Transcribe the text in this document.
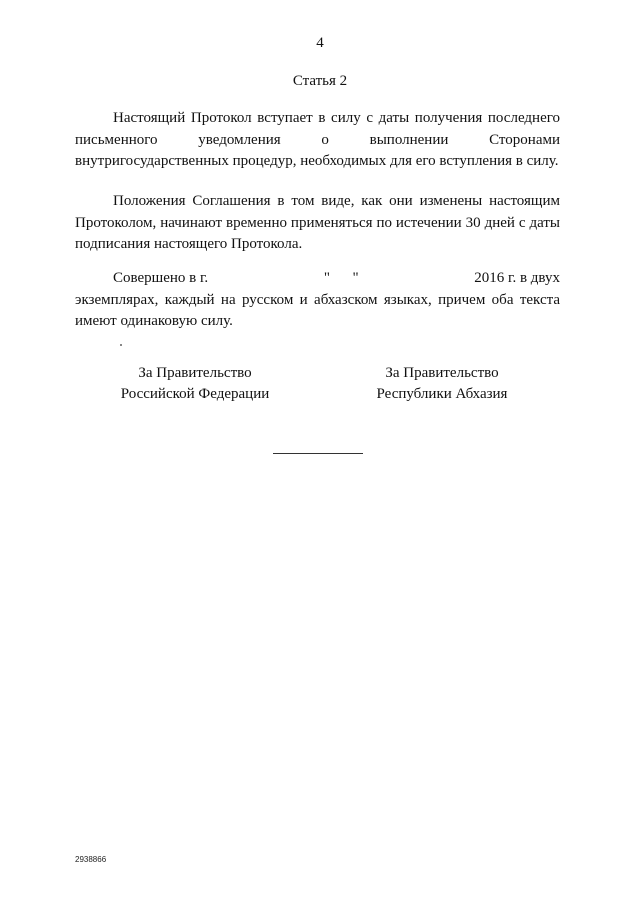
4
Статья 2

Настоящий Протокол вступает в силу с даты получения последнего письменного уведомления о выполнении Сторонами внутригосударственных процедур, необходимых для его вступления в силу.

Положения Соглашения в том виде, как они изменены настоящим Протоколом, начинают временно применяться по истечении 30 дней с даты подписания настоящего Протокола.

Совершено в г.	"      "	2016 г. в двух
экземплярах, каждый на русском и абхазском языках, причем оба текста имеют одинаковую силу.
За Правительство
Российской Федерации
За Правительство
Республики Абхазия
2938866
